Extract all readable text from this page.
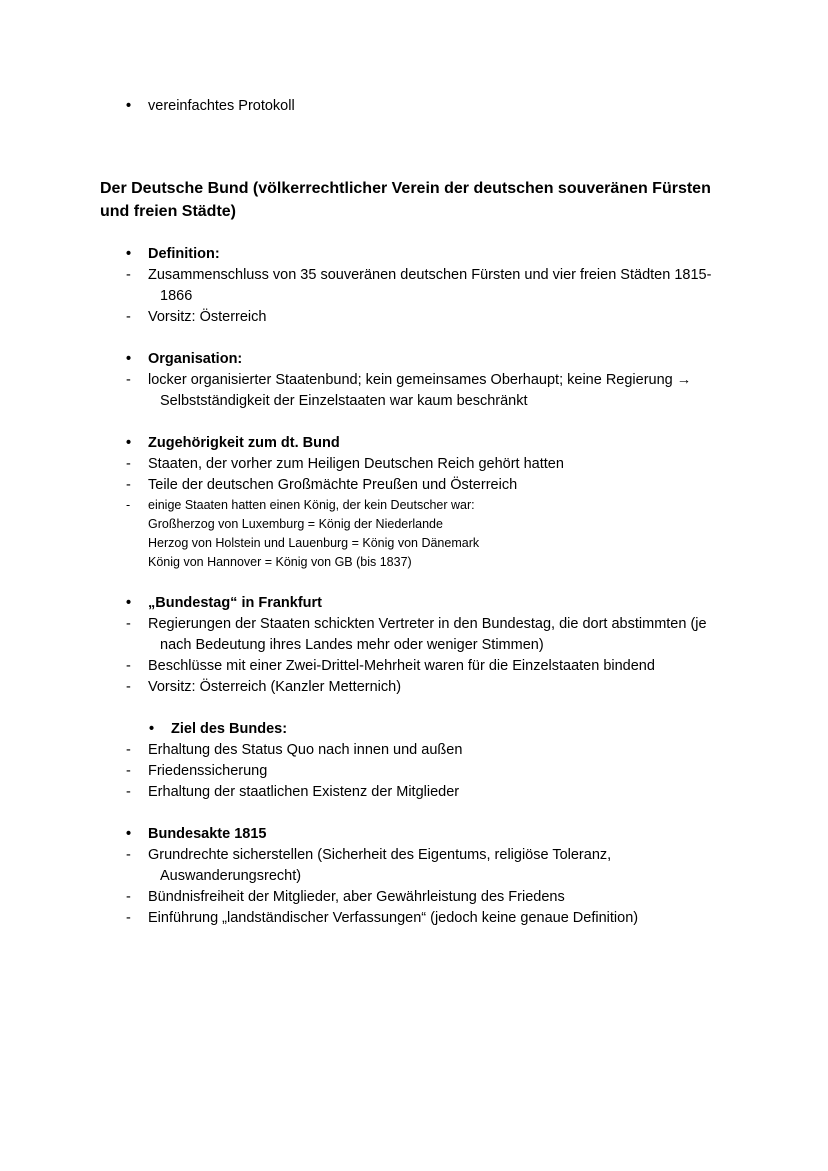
•	vereinfachtes Protokoll
Der Deutsche Bund (völkerrechtlicher Verein der deutschen souveränen Fürsten und freien Städte)
•	Definition:
-	Zusammenschluss von 35 souveränen deutschen Fürsten und vier freien Städten 1815-1866
-	Vorsitz: Österreich
•	Organisation:
-	locker organisierter Staatenbund; kein gemeinsames Oberhaupt; keine Regierung → Selbstständigkeit der Einzelstaaten war kaum beschränkt
•	Zugehörigkeit zum dt. Bund
-	Staaten, der vorher zum Heiligen Deutschen Reich gehört hatten
-	Teile der deutschen Großmächte Preußen und Österreich
-	einige Staaten hatten einen König, der kein Deutscher war:
Großherzog von Luxemburg = König der Niederlande
Herzog von Holstein und Lauenburg = König von Dänemark
König von Hannover = König von GB (bis 1837)
•	„Bundestag“ in Frankfurt
-	Regierungen der Staaten schickten Vertreter in den Bundestag, die dort abstimmten (je nach Bedeutung ihres Landes mehr oder weniger Stimmen)
-	Beschlüsse mit einer Zwei-Drittel-Mehrheit waren für die Einzelstaaten bindend
-	Vorsitz: Österreich (Kanzler Metternich)
•	Ziel des Bundes:
-	Erhaltung des Status Quo nach innen und außen
-	Friedenssicherung
-	Erhaltung der staatlichen Existenz der Mitglieder
•	Bundesakte 1815
-	Grundrechte sicherstellen (Sicherheit des Eigentums, religiöse Toleranz, Auswanderungsrecht)
-	Bündnisfreiheit der Mitglieder, aber Gewährleistung des Friedens
-	Einführung „landständischer Verfassungen“ (jedoch keine genaue Definition)
